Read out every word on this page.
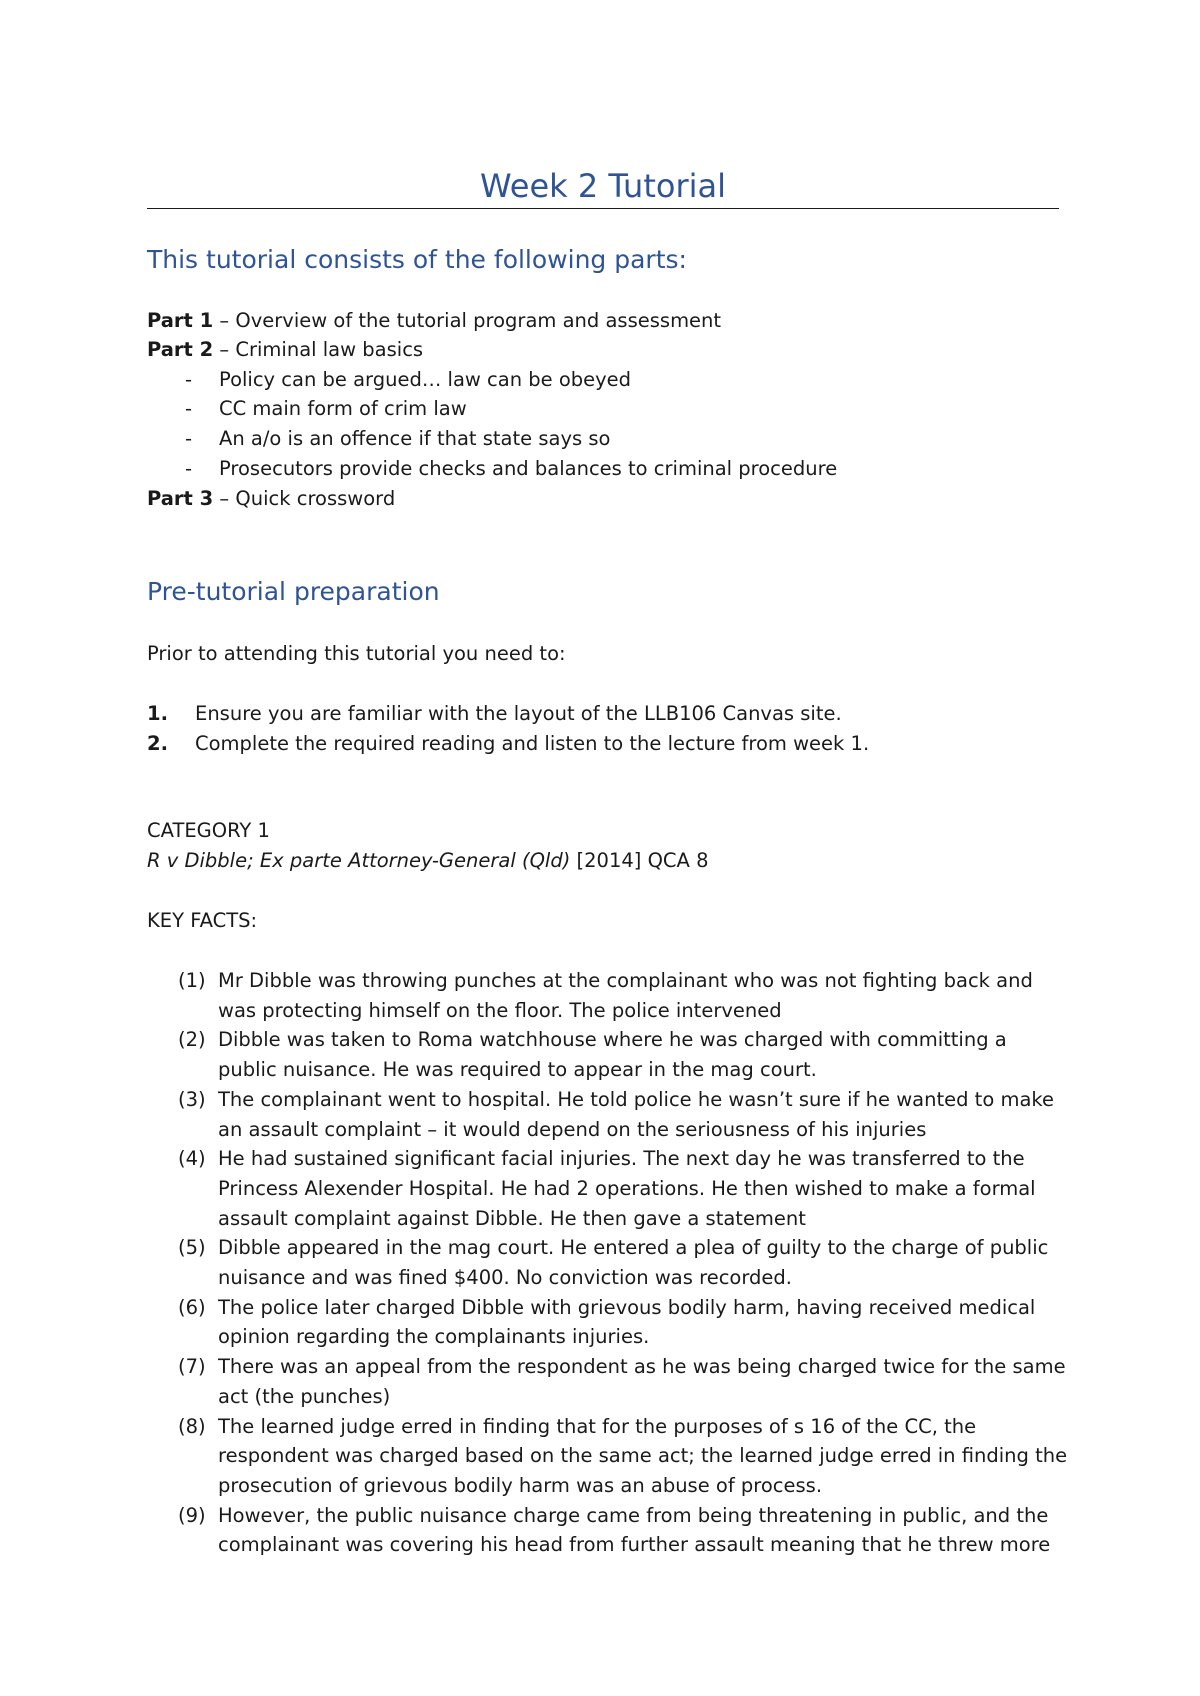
Week 2 Tutorial
This tutorial consists of the following parts:
Part 1 – Overview of the tutorial program and assessment
Part 2 – Criminal law basics
- Policy can be argued… law can be obeyed
- CC main form of crim law
- An a/o is an offence if that state says so
- Prosecutors provide checks and balances to criminal procedure
Part 3 – Quick crossword
Pre-tutorial preparation
Prior to attending this tutorial you need to:
1. Ensure you are familiar with the layout of the LLB106 Canvas site.
2. Complete the required reading and listen to the lecture from week 1.
CATEGORY 1
R v Dibble; Ex parte Attorney-General (Qld) [2014] QCA 8
KEY FACTS:
(1) Mr Dibble was throwing punches at the complainant who was not fighting back and was protecting himself on the floor. The police intervened
(2) Dibble was taken to Roma watchhouse where he was charged with committing a public nuisance. He was required to appear in the mag court.
(3) The complainant went to hospital. He told police he wasn’t sure if he wanted to make an assault complaint – it would depend on the seriousness of his injuries
(4) He had sustained significant facial injuries. The next day he was transferred to the Princess Alexender Hospital. He had 2 operations. He then wished to make a formal assault complaint against Dibble. He then gave a statement
(5) Dibble appeared in the mag court. He entered a plea of guilty to the charge of public nuisance and was fined $400. No conviction was recorded.
(6) The police later charged Dibble with grievous bodily harm, having received medical opinion regarding the complainants injuries.
(7) There was an appeal from the respondent as he was being charged twice for the same act (the punches)
(8) The learned judge erred in finding that for the purposes of s 16 of the CC, the respondent was charged based on the same act; the learned judge erred in finding the prosecution of grievous bodily harm was an abuse of process.
(9) However, the public nuisance charge came from being threatening in public, and the complainant was covering his head from further assault meaning that he threw more
